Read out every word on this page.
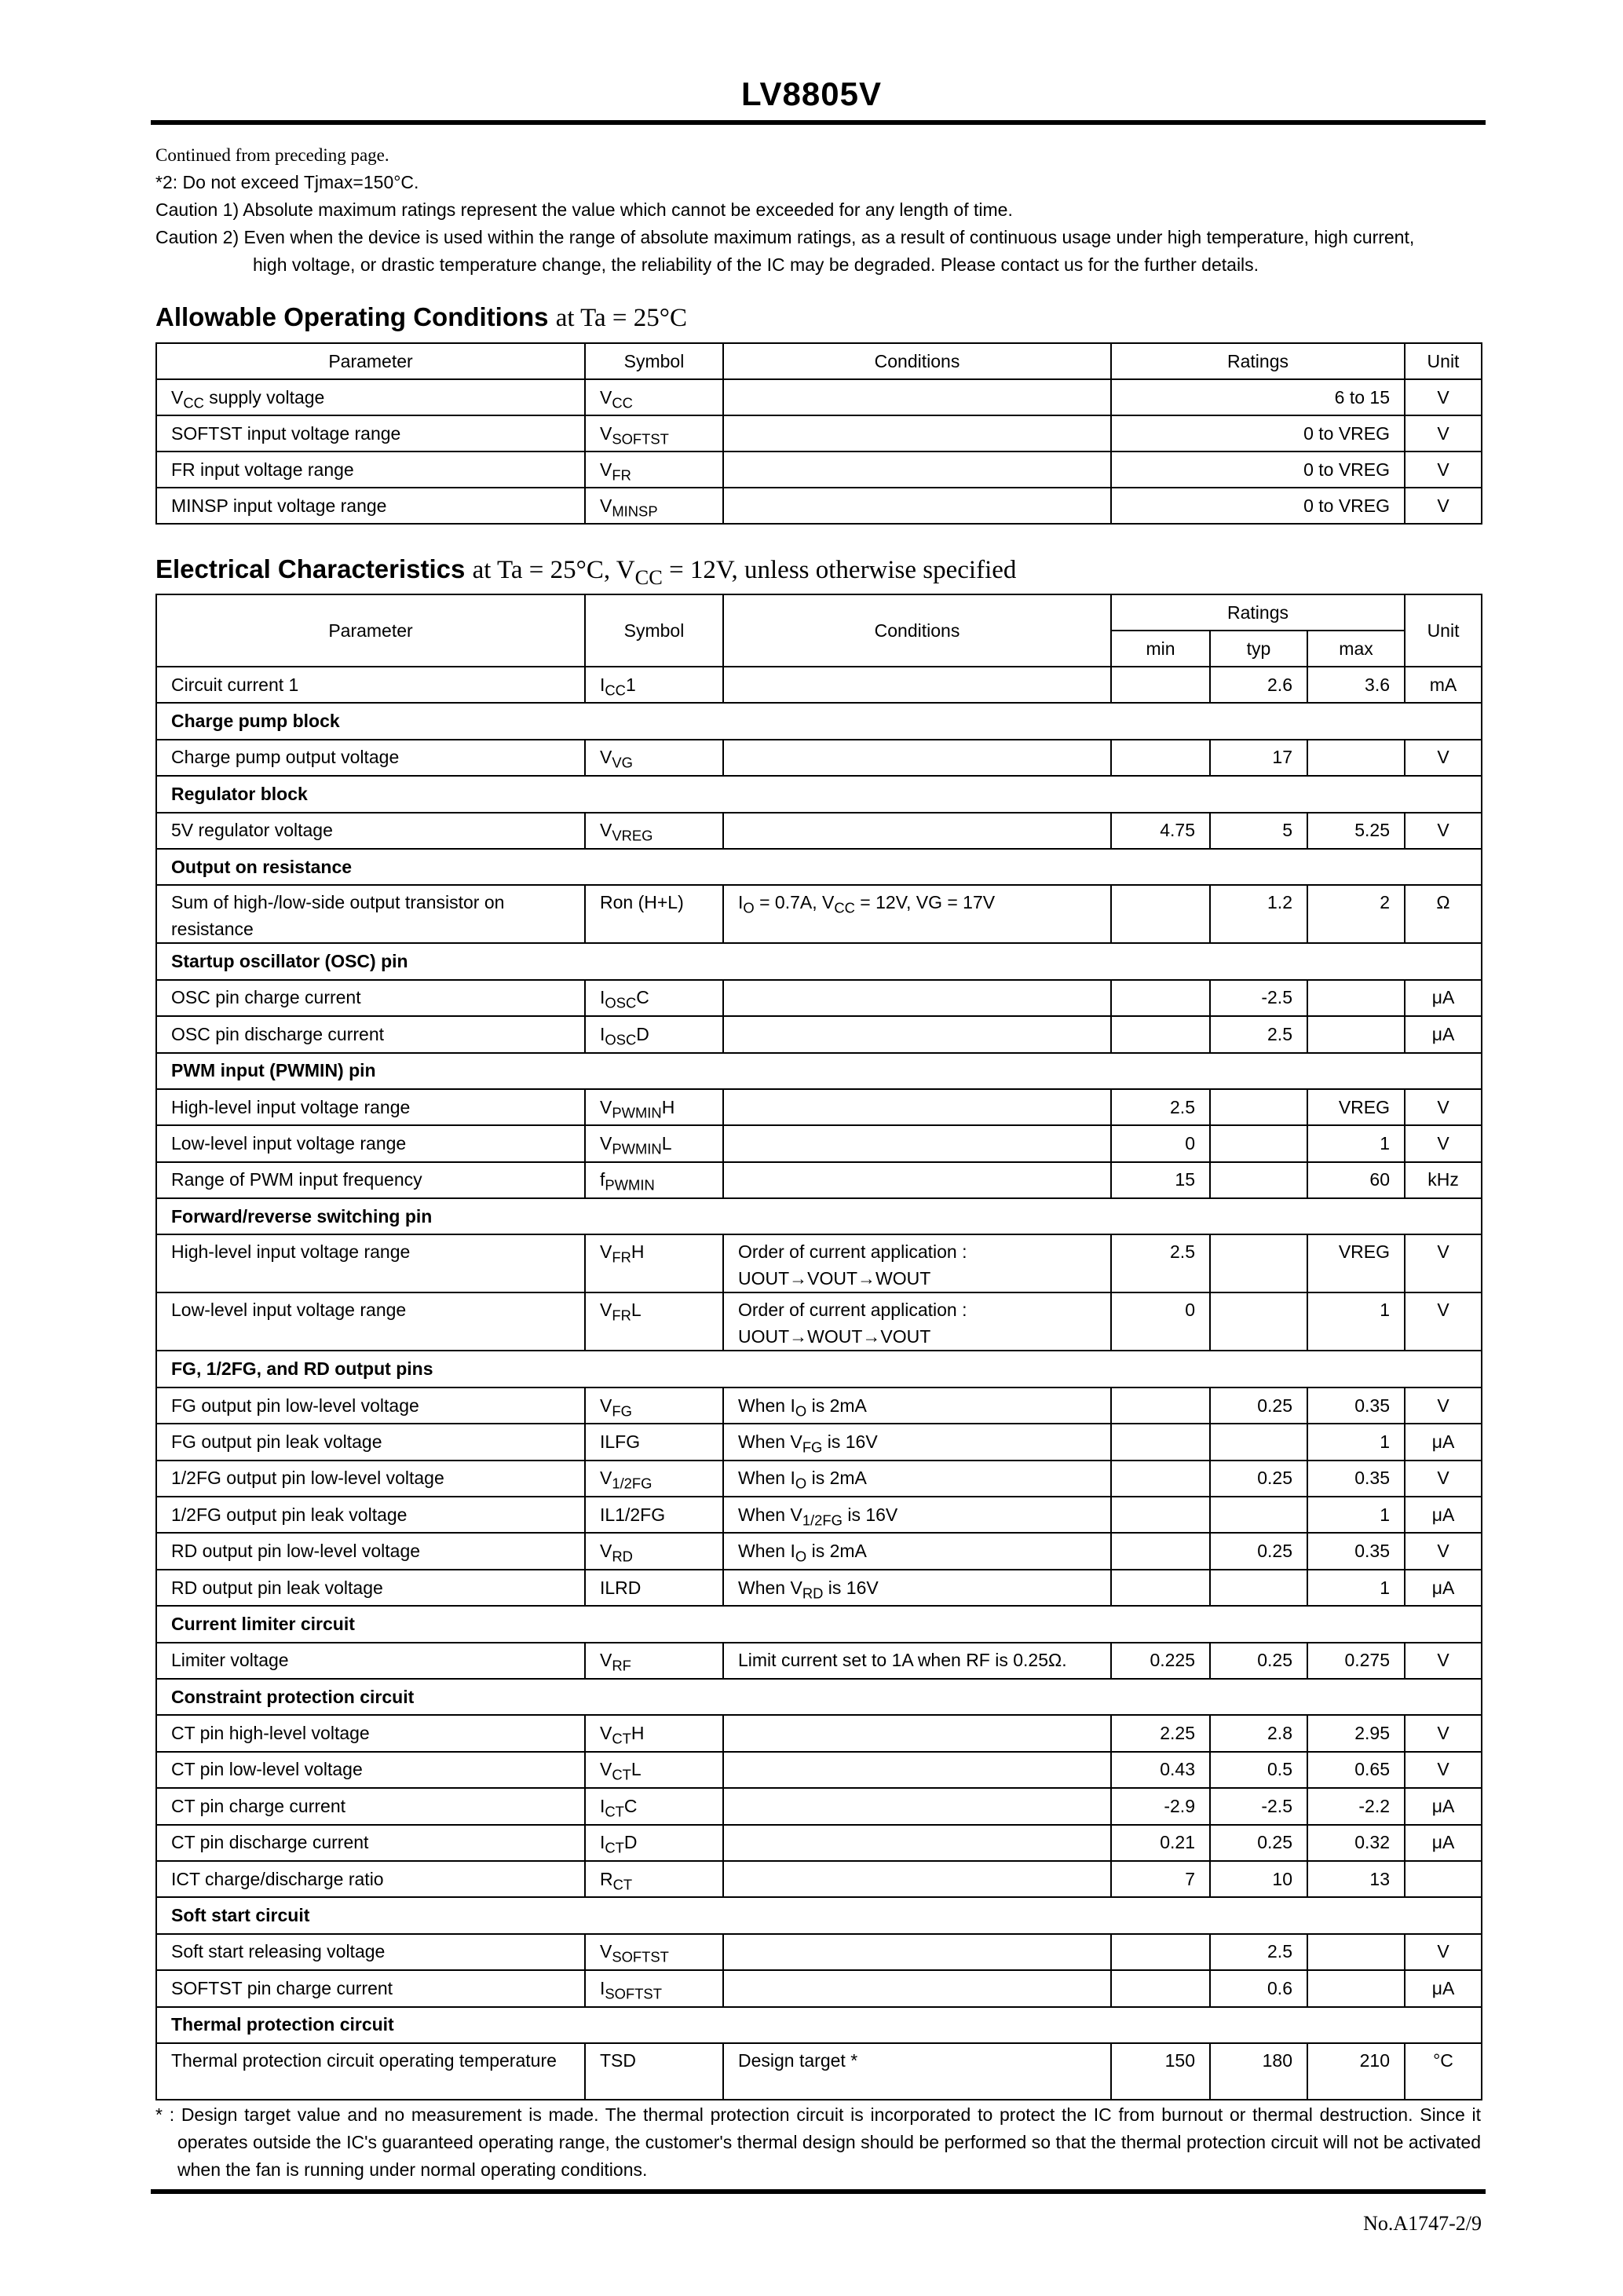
LV8805V
Continued from preceding page.
*2: Do not exceed Tjmax=150°C.
Caution 1) Absolute maximum ratings represent the value which cannot be exceeded for any length of time.
Caution 2) Even when the device is used within the range of absolute maximum ratings, as a result of continuous usage under high temperature, high current,
high voltage, or drastic temperature change, the reliability of the IC may be degraded. Please contact us for the further details.
Allowable Operating Conditions at Ta = 25°C
Parameter	Symbol	Conditions	Ratings	Unit
$V_{CC}$ supply voltage	$V_{CC}$		6 to 15	V
SOFTST input voltage range	$V_{SOFTST}$		0 to VREG	V
FR input voltage range	$V_{FR}$		0 to VREG	V
MINSP input voltage range	$V_{MINSP}$		0 to VREG	V
Electrical Characteristics at Ta = 25°C, $V_{CC} = 12V$, unless otherwise specified
Parameter	Symbol	Conditions	Ratings			Unit
			min	typ	max	
Circuit current 1	$I_{CC}1$			2.6	3.6	mA
Charge pump block						
Charge pump output voltage	$V_{VG}$			17		V
Regulator block						
5V regulator voltage	$V_{VREG}$		4.75	5	5.25	V
Output on resistance						
Sum of high-/low-side output transistor on resistance	Ron (H+L)	$I_O = 0.7A$, $V_{CC} = 12V$, VG = 17V		1.2	2	Ω
Startup oscillator (OSC) pin						
OSC pin charge current	$I_{OSC}C$			-2.5		μA
OSC pin discharge current	$I_{OSC}D$			2.5		μA
PWM input (PWMIN) pin						
High-level input voltage range	$V_{PWMIN}H$		2.5		VREG	V
Low-level input voltage range	$V_{PWMIN}L$		0		1	V
Range of PWM input frequency	$f_{PWMIN}$		15		60	kHz
Forward/reverse switching pin						
High-level input voltage range	$V_{FR}H$	Order of current application : UOUT→VOUT→WOUT	2.5		VREG	V
Low-level input voltage range	$V_{FR}L$	Order of current application : UOUT→WOUT→VOUT	0		1	V
FG, 1/2FG, and RD output pins						
FG output pin low-level voltage	$V_{FG}$	When $I_O$ is 2mA		0.25	0.35	V
FG output pin leak voltage	ILFG	When $V_{FG}$ is 16V			1	μA
1/2FG output pin low-level voltage	$V_{1/2FG}$	When $I_O$ is 2mA		0.25	0.35	V
1/2FG output pin leak voltage	IL1/2FG	When $V_{1/2FG}$ is 16V			1	μA
RD output pin low-level voltage	$V_{RD}$	When $I_O$ is 2mA		0.25	0.35	V
RD output pin leak voltage	ILRD	When $V_{RD}$ is 16V			1	μA
Current limiter circuit						
Limiter voltage	$V_{RF}$	Limit current set to 1A when RF is 0.25Ω.	0.225	0.25	0.275	V
Constraint protection circuit						
CT pin high-level voltage	$V_{CT}H$		2.25	2.8	2.95	V
CT pin low-level voltage	$V_{CT}L$		0.43	0.5	0.65	V
CT pin charge current	$I_{CT}C$		-2.9	-2.5	-2.2	μA
CT pin discharge current	$I_{CT}D$		0.21	0.25	0.32	μA
ICT charge/discharge ratio	$R_{CT}$		7	10	13	
Soft start circuit						
Soft start releasing voltage	$V_{SOFTST}$			2.5		V
SOFTST pin charge current	$I_{SOFTST}$			0.6		μA
Thermal protection circuit						
Thermal protection circuit operating temperature	TSD	Design target *	150	180	210	°C
* : Design target value and no measurement is made. The thermal protection circuit is incorporated to protect the IC from burnout or thermal destruction. Since it operates outside the IC's guaranteed operating range, the customer's thermal design should be performed so that the thermal protection circuit will not be activated when the fan is running under normal operating conditions.
No.A1747-2/9
